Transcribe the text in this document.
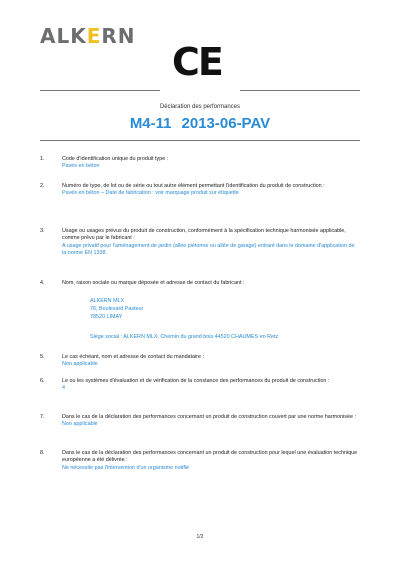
ALKERN
CE
Déclaration des performances
M4-11 2013-06-PAV
1.	Code d'identification unique du produit type :
Pavés en béton
2.	Numéro de type, de lot ou de série ou tout autre élément permettant l'identification du produit de construction :
Pavés en béton – Date de fabrication : voir marquage produit sur étiquette
3.	Usage ou usages prévus du produit de construction, conformément à la spécification technique harmonisée applicable, comme prévu par le fabricant :
A usage privatif pour l'aménagement de jardin (allée piétonne ou allée de garage) entrant dans le domaine d'application de la norme EN 1338.
4.	Nom, raison sociale ou marque déposée et adresse de contact du fabricant :
ALKERN MLX
76, Boulevard Pasteur
78520 LIMAY
Siège social : ALKERN MLX, Chemin du grand bois 44520 CHAUMES en Retz
5.	Le cas échéant, nom et adresse de contact du mandataire :
Non applicable
6.	Le ou les systèmes d'évaluation et de vérification de la constance des performances du produit de construction :
4
7.	Dans le cas de la déclaration des performances concernant un produit de construction couvert par une norme harmonisée :
Non applicable
8.	Dans le cas de la déclaration des performances concernant un produit de construction pour lequel une évaluation technique européenne a été délivrée :
Ne nécessite pas l'intervention d'un organisme notifié
1/2
